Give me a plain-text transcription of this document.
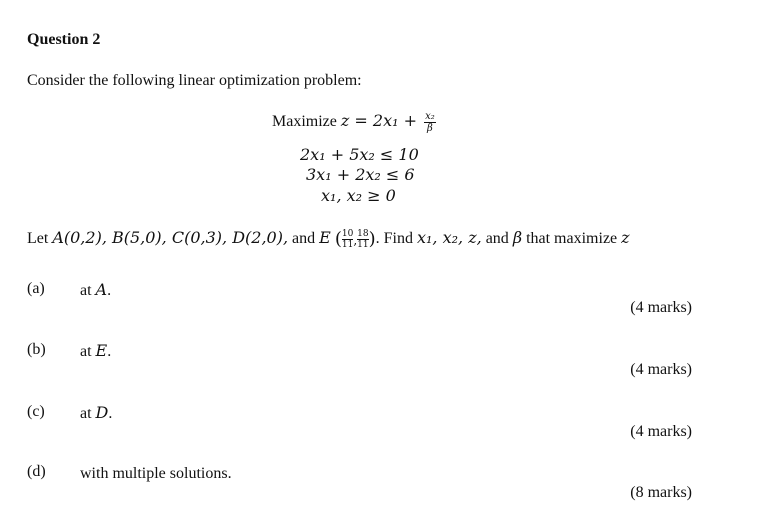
Question 2
Consider the following linear optimization problem:
Maximize $z = 2x_1 + \frac{\text{x₂}}{\beta}$
2x₁ + 5x₂ ≤ 10
3x₁ + 2x₂ ≤ 6
x₁, x₂ ≥ 0
Let A(0,2), B(5,0), C(0,3), D(2,0), and E ( $\frac{10}{11}$ , $\frac{18}{11}$ ). Find x₁, x₂, z, and β that maximize z
(a) at A.
(4 marks)
(b) at E.
(4 marks)
(c) at D.
(4 marks)
(d) with multiple solutions.
(8 marks)
